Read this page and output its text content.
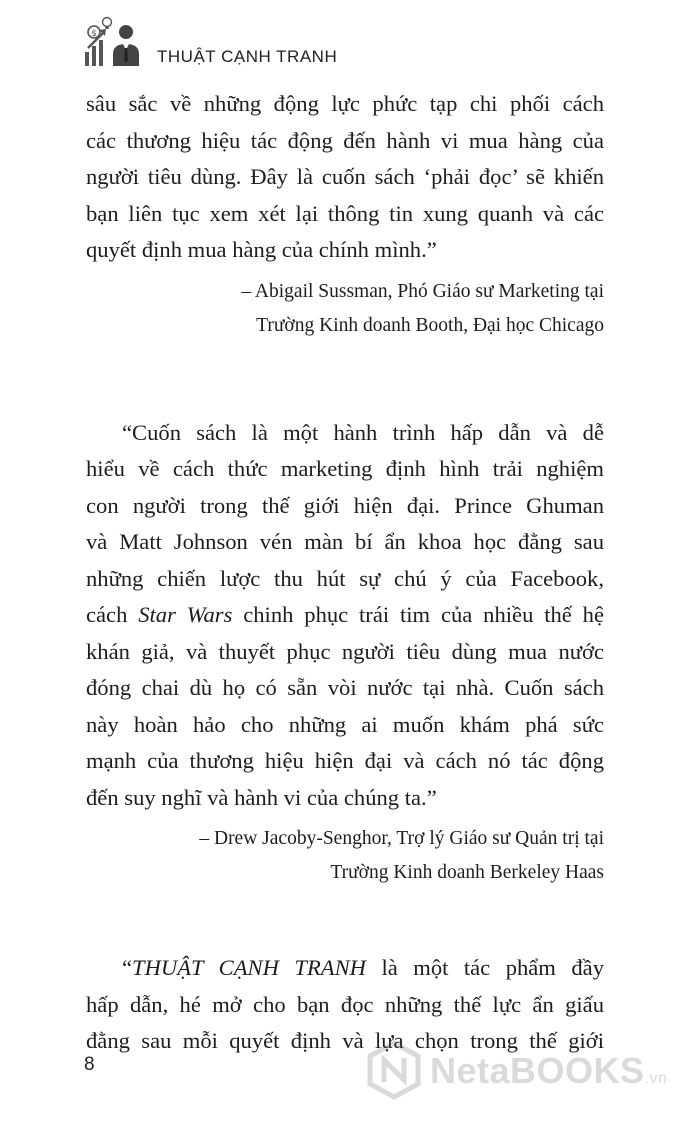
$
THUẬT CẠNH TRANH

sâu sắc về những động lực phức tạp chi phối cách
các thương hiệu tác động đến hành vi mua hàng của
người tiêu dùng. Đây là cuốn sách ‘phải đọc’ sẽ khiến
bạn liên tục xem xét lại thông tin xung quanh và các
quyết định mua hàng của chính mình.”

– Abigail Sussman, Phó Giáo sư Marketing tại
Trường Kinh doanh Booth, Đại học Chicago

“Cuốn sách là một hành trình hấp dẫn và dễ
hiểu về cách thức marketing định hình trải nghiệm
con người trong thế giới hiện đại. Prince Ghuman
và Matt Johnson vén màn bí ẩn khoa học đằng sau
những chiến lược thu hút sự chú ý của Facebook,
cách Star Wars chinh phục trái tim của nhiều thế hệ
khán giả, và thuyết phục người tiêu dùng mua nước
đóng chai dù họ có sẵn vòi nước tại nhà. Cuốn sách
này hoàn hảo cho những ai muốn khám phá sức
mạnh của thương hiệu hiện đại và cách nó tác động
đến suy nghĩ và hành vi của chúng ta.”

– Drew Jacoby-Senghor, Trợ lý Giáo sư Quản trị tại
Trường Kinh doanh Berkeley Haas

“THUẬT CẠNH TRANH là một tác phẩm đầy
hấp dẫn, hé mở cho bạn đọc những thế lực ẩn giấu
đằng sau mỗi quyết định và lựa chọn trong thế giới

8	NetaBOOKS.vn
